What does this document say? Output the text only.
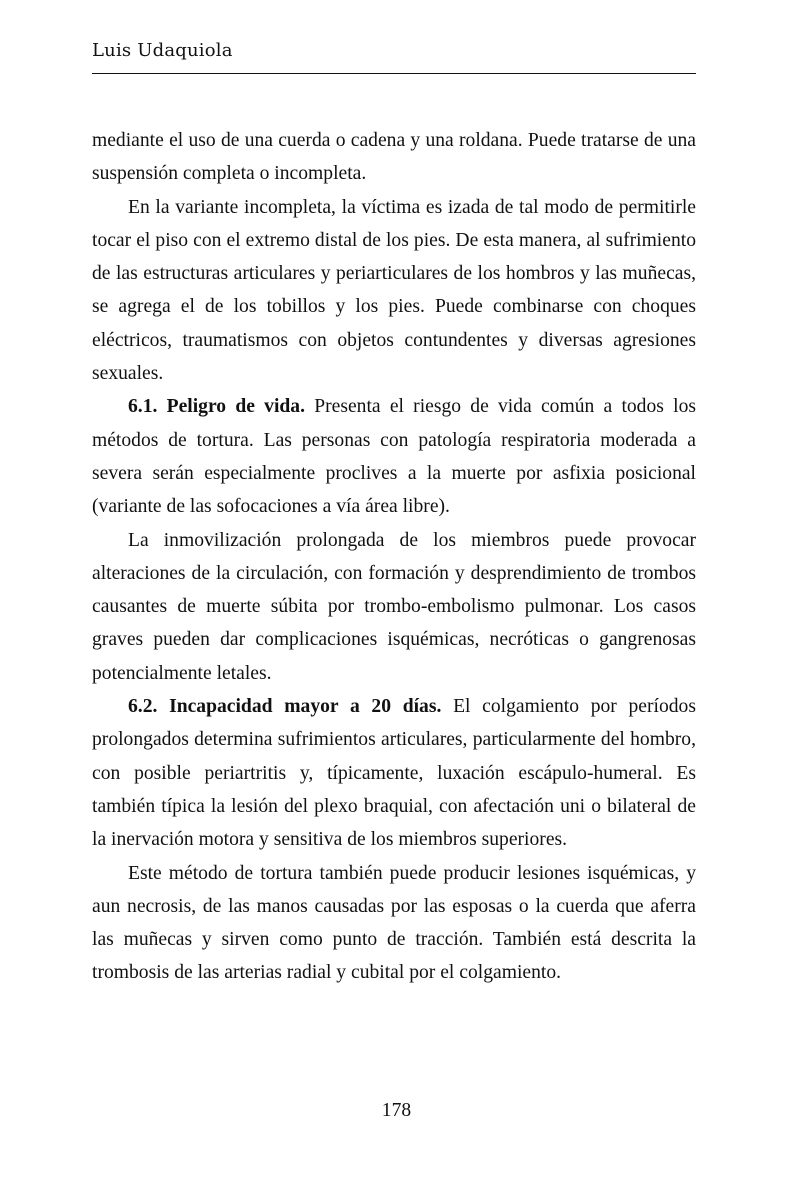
Luis Udaquiola

mediante el uso de una cuerda o cadena y una roldana. Puede tratarse de una suspensión completa o incompleta.

En la variante incompleta, la víctima es izada de tal modo de permitirle tocar el piso con el extremo distal de los pies. De esta manera, al sufrimiento de las estructuras articulares y periarticulares de los hombros y las muñecas, se agrega el de los tobillos y los pies. Puede combinarse con choques eléctricos, traumatismos con objetos contundentes y diversas agresiones sexuales.

6.1. Peligro de vida. Presenta el riesgo de vida común a todos los métodos de tortura. Las personas con patología respiratoria moderada a severa serán especialmente proclives a la muerte por asfixia posicional (variante de las sofocaciones a vía área libre).

La inmovilización prolongada de los miembros puede provocar alteraciones de la circulación, con formación y desprendimiento de trombos causantes de muerte súbita por trombo-embolismo pulmonar. Los casos graves pueden dar complicaciones isquémicas, necróticas o gangrenosas potencialmente letales.

6.2. Incapacidad mayor a 20 días. El colgamiento por períodos prolongados determina sufrimientos articulares, particularmente del hombro, con posible periartritis y, típicamente, luxación escápulo-humeral. Es también típica la lesión del plexo braquial, con afectación uni o bilateral de la inervación motora y sensitiva de los miembros superiores.

Este método de tortura también puede producir lesiones isquémicas, y aun necrosis, de las manos causadas por las esposas o la cuerda que aferra las muñecas y sirven como punto de tracción. También está descrita la trombosis de las arterias radial y cubital por el colgamiento.

178
